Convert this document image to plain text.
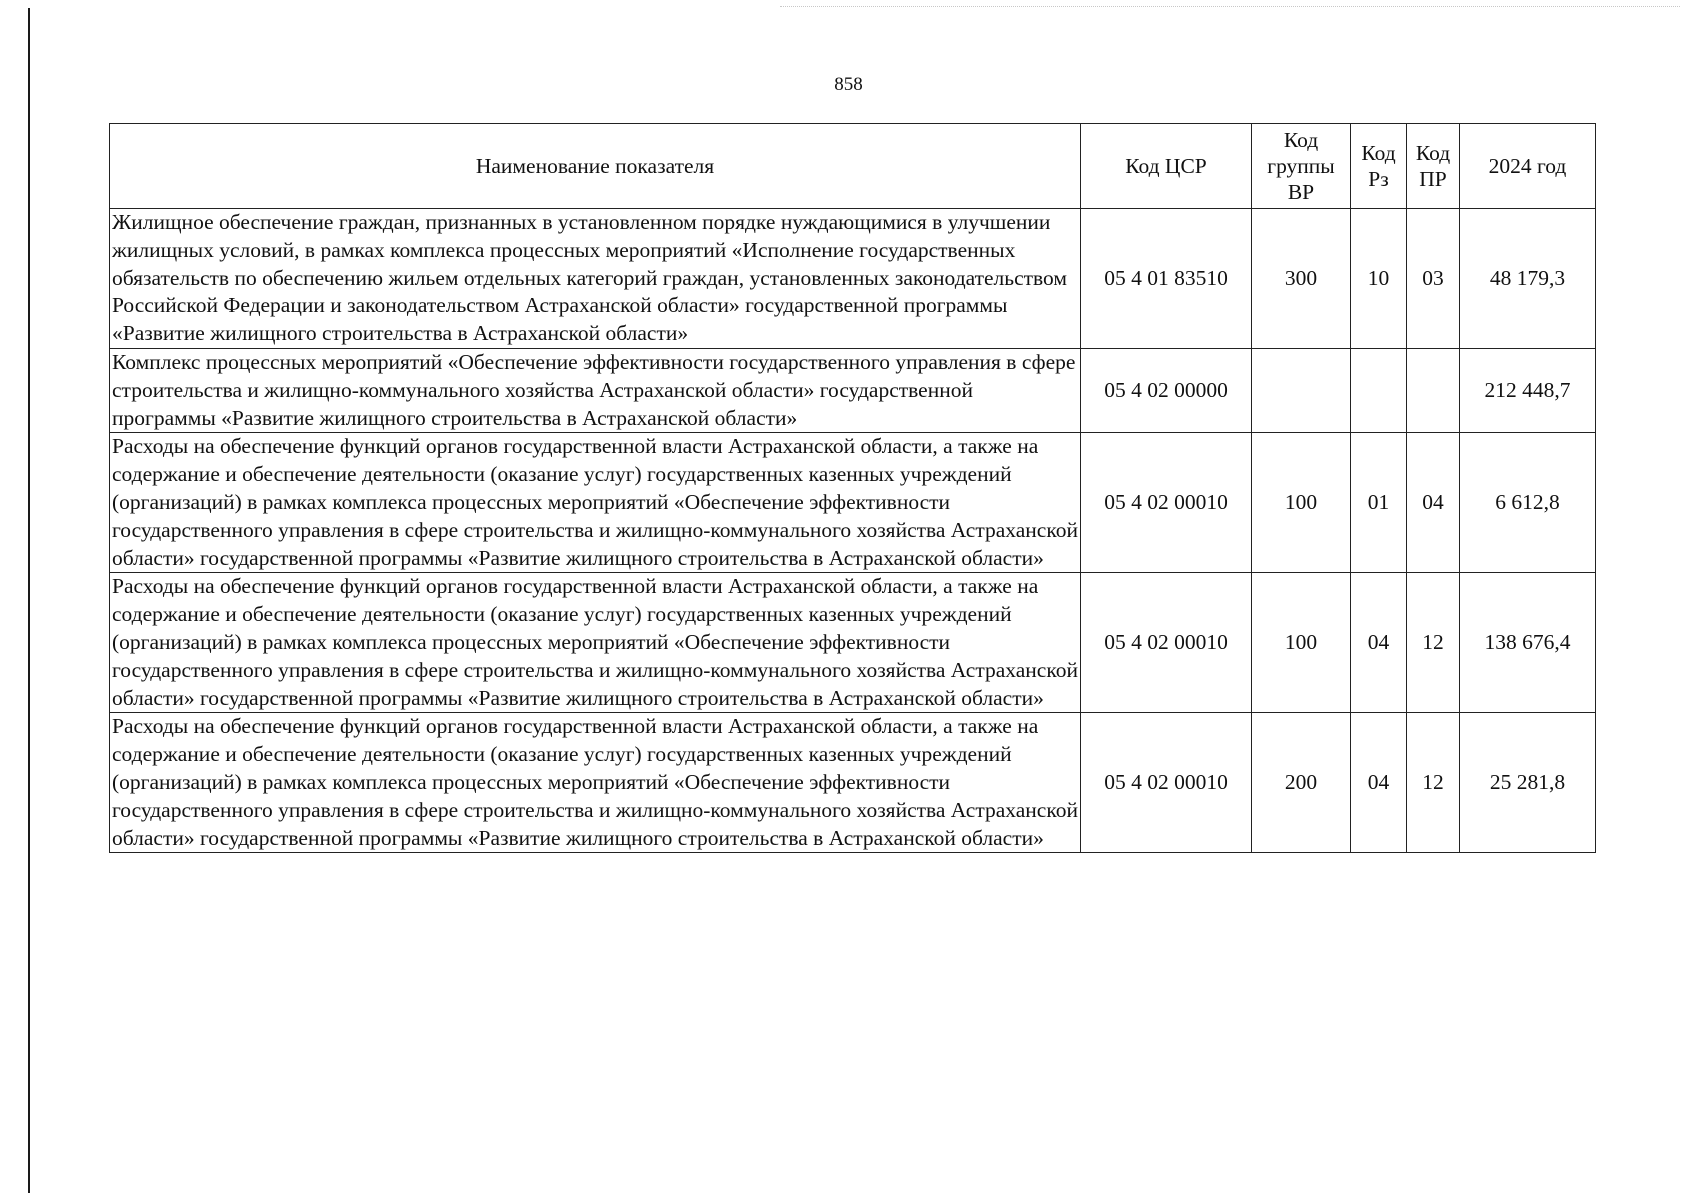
858
Наименование показателя	Код ЦСР	Код группы ВР	Код Рз	Код ПР	2024 год
Жилищное обеспечение граждан, признанных в установленном порядке нуждающимися в улучшении жилищных условий, в рамках комплекса процессных мероприятий «Исполнение государственных обязательств по обеспечению жильем отдельных категорий граждан, установленных законодательством Российской Федерации и законодательством Астраханской области» государственной программы «Развитие жилищного строительства в Астраханской области»	05 4 01 83510	300	10	03	48 179,3
Комплекс процессных мероприятий «Обеспечение эффективности государственного управления в сфере строительства и жилищно-коммунального хозяйства Астраханской области» государственной программы «Развитие жилищного строительства в Астраханской области»	05 4 02 00000				212 448,7
Расходы на обеспечение функций органов государственной власти Астраханской области, а также на содержание и обеспечение деятельности (оказание услуг) государственных казенных учреждений (организаций) в рамках комплекса процессных мероприятий «Обеспечение эффективности государственного управления в сфере строительства и жилищно-коммунального хозяйства Астраханской области» государственной программы «Развитие жилищного строительства в Астраханской области»	05 4 02 00010	100	01	04	6 612,8
Расходы на обеспечение функций органов государственной власти Астраханской области, а также на содержание и обеспечение деятельности (оказание услуг) государственных казенных учреждений (организаций) в рамках комплекса процессных мероприятий «Обеспечение эффективности государственного управления в сфере строительства и жилищно-коммунального хозяйства Астраханской области» государственной программы «Развитие жилищного строительства в Астраханской области»	05 4 02 00010	100	04	12	138 676,4
Расходы на обеспечение функций органов государственной власти Астраханской области, а также на содержание и обеспечение деятельности (оказание услуг) государственных казенных учреждений (организаций) в рамках комплекса процессных мероприятий «Обеспечение эффективности государственного управления в сфере строительства и жилищно-коммунального хозяйства Астраханской области» государственной программы «Развитие жилищного строительства в Астраханской области»	05 4 02 00010	200	04	12	25 281,8
